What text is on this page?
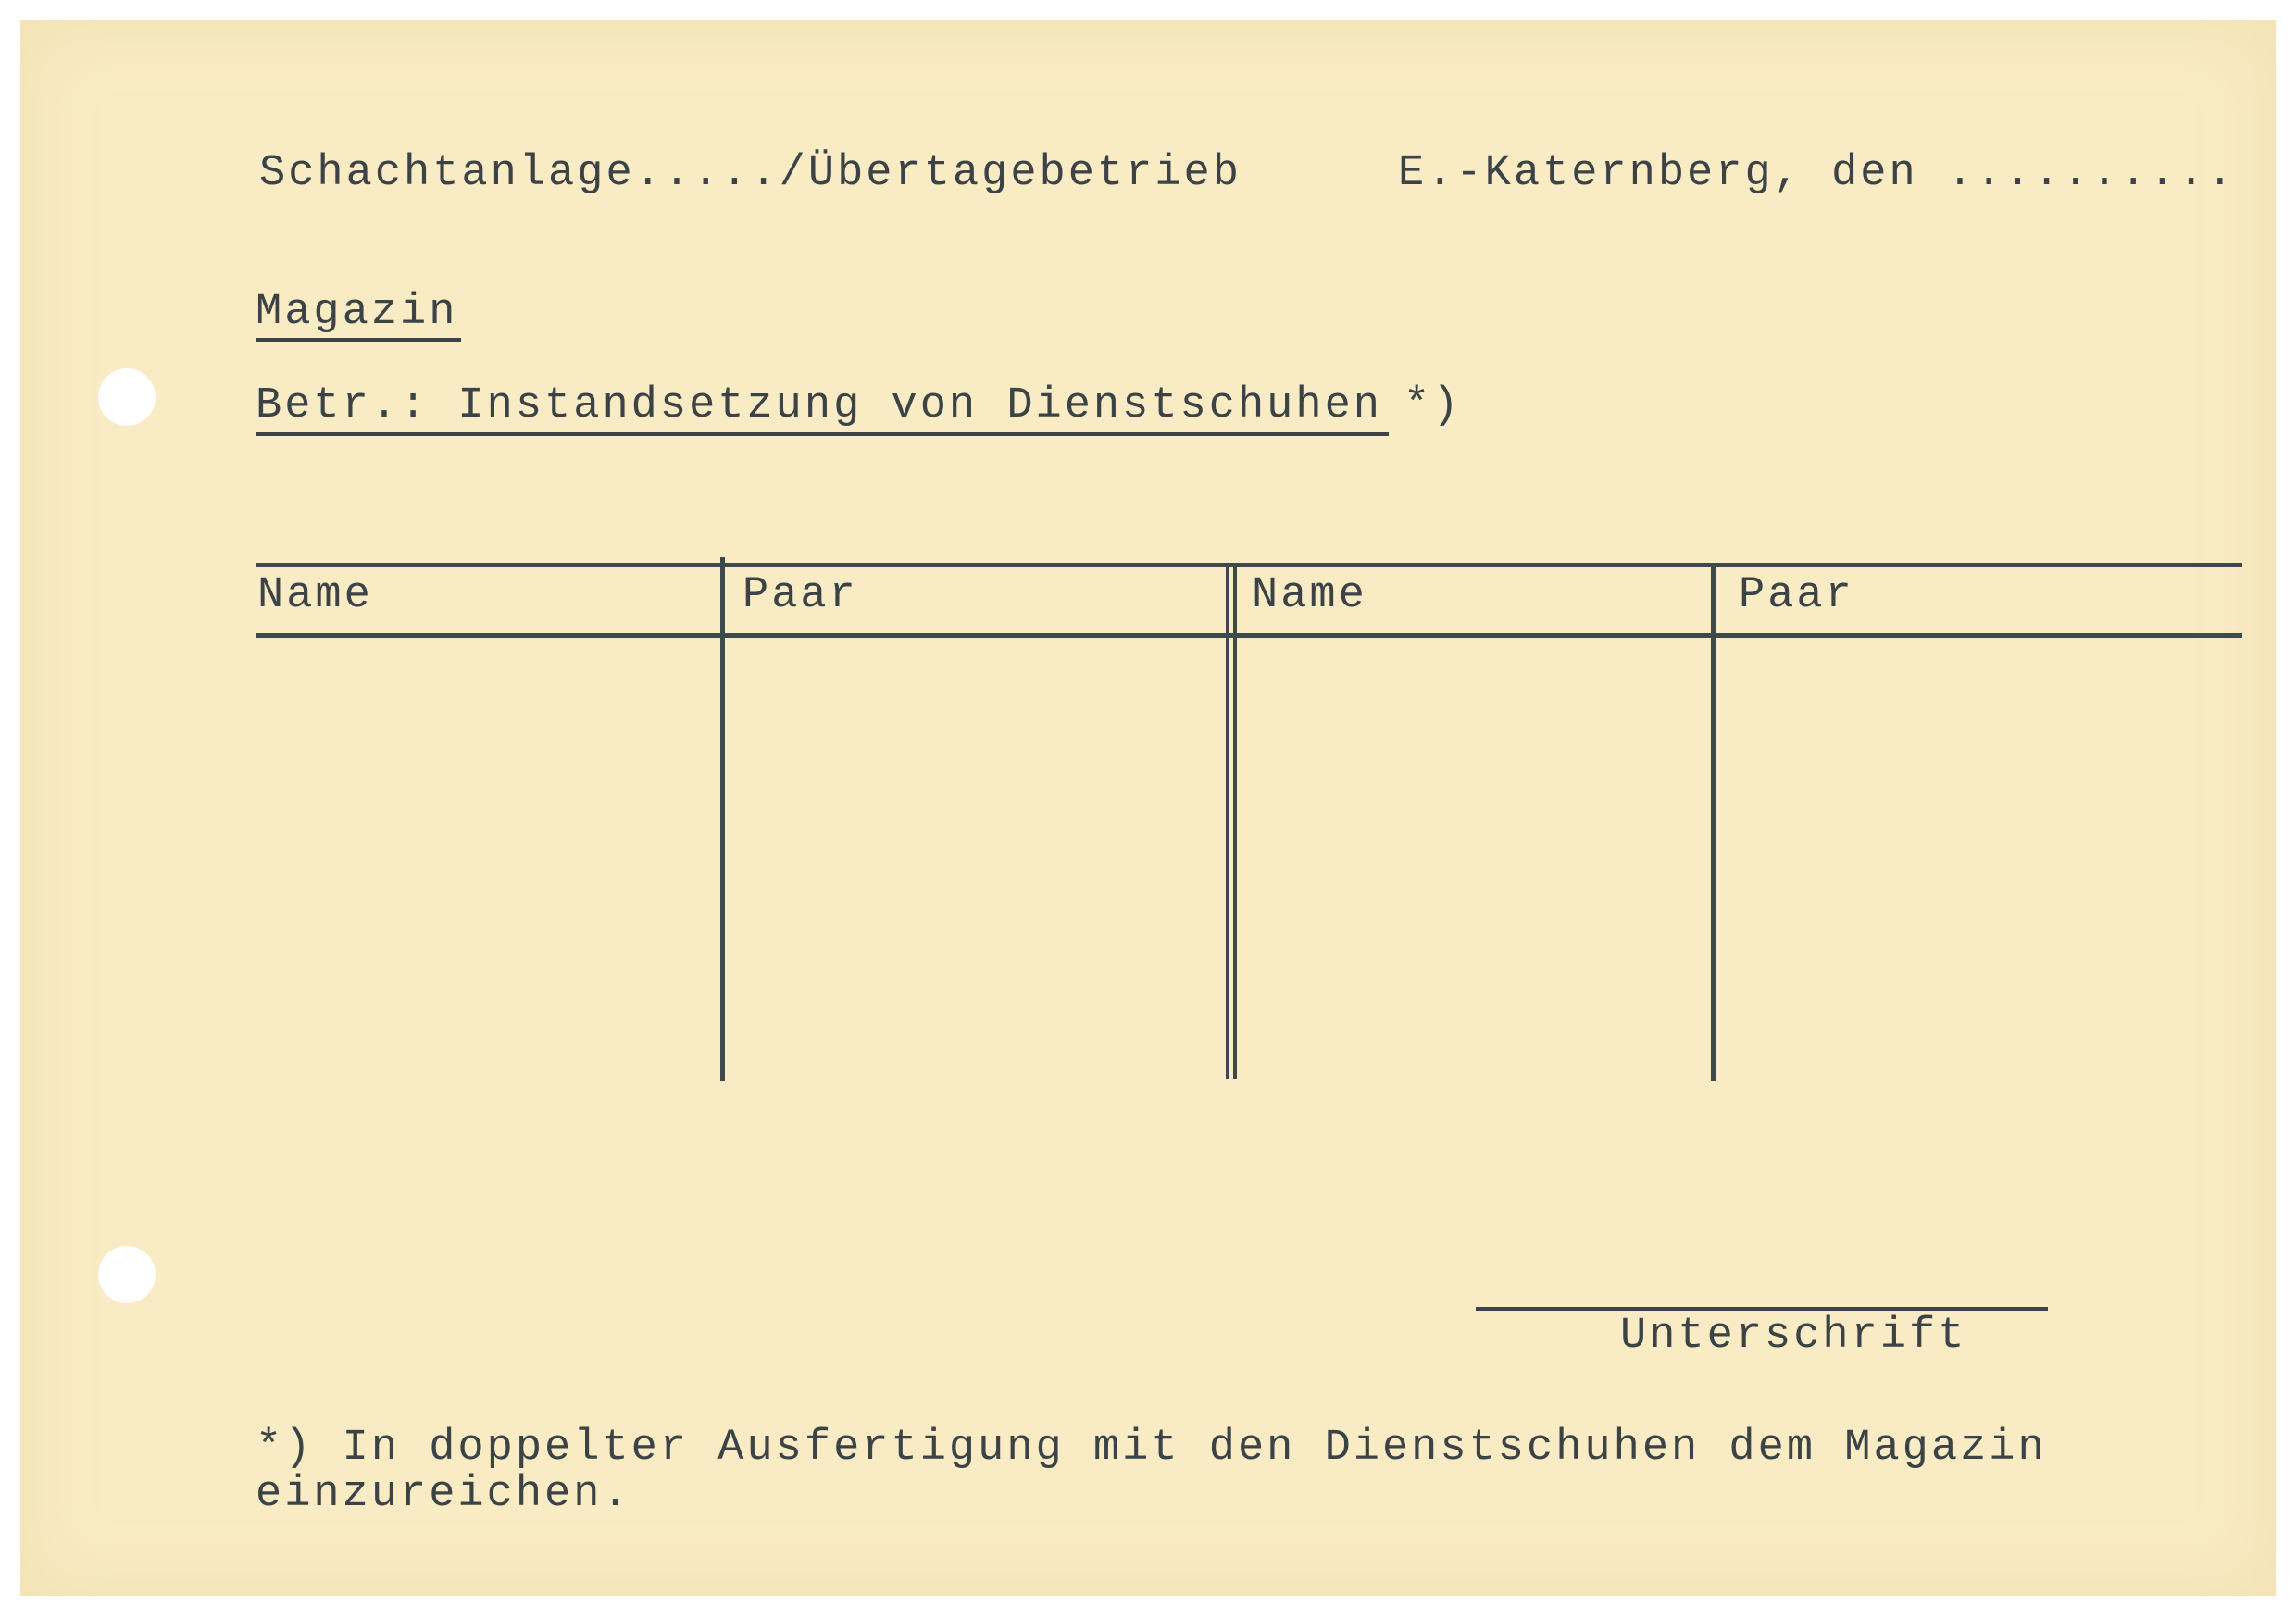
Schachtanlage...../Übertagebetrieb	E.-Katernberg, den ..........
Magazin
Betr.: Instandsetzung von Dienstschuhen *)
Name	Paar	Name	Paar
Unterschrift
*) In doppelter Ausfertigung mit den Dienstschuhen dem Magazin
einzureichen.
